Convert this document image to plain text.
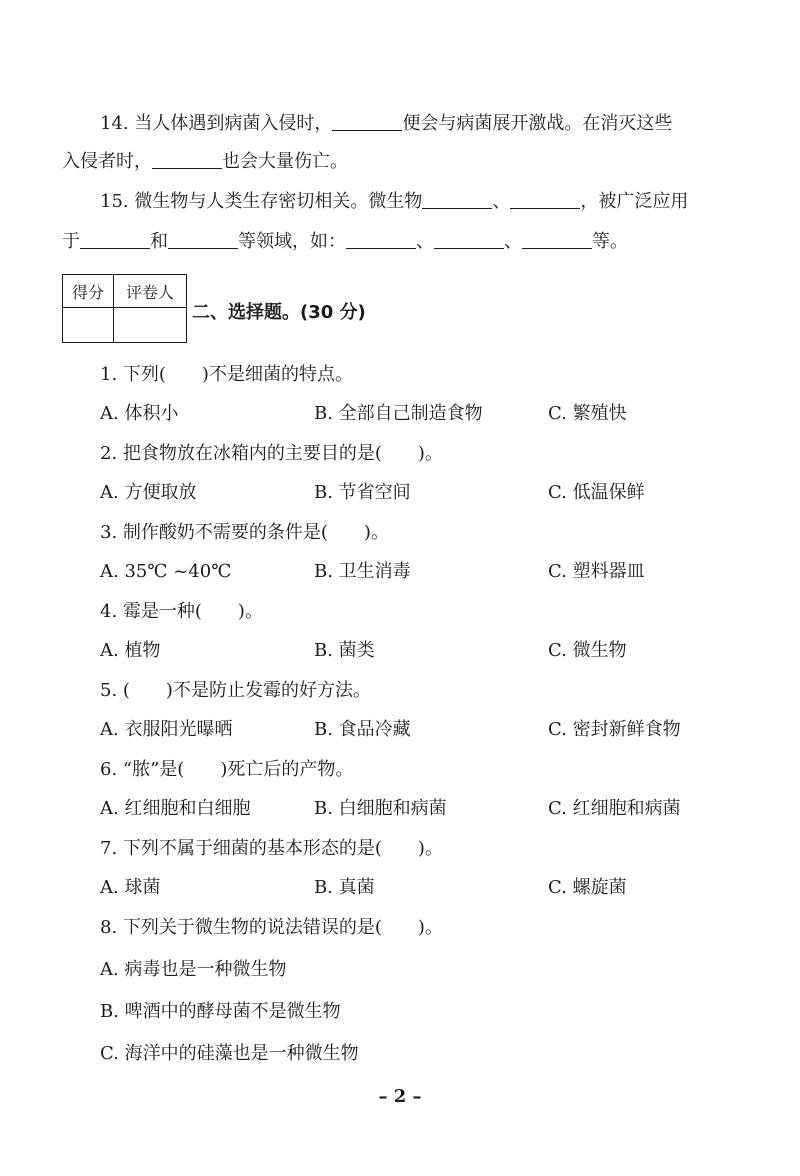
14. 当人体遇到病菌入侵时，	便会与病菌展开激战。在消灭这些
入侵者时，	也会大量伤亡。
15. 微生物与人类生存密切相关。微生物	、	，被广泛应用
于	和	等领域，如：	、	、	等。
得分	评卷人

二、选择题。(30 分)
1. 下列(　　)不是细菌的特点。
A. 体积小	B. 全部自己制造食物	C. 繁殖快
2. 把食物放在冰箱内的主要目的是(　　)。
A. 方便取放	B. 节省空间	C. 低温保鲜
3. 制作酸奶不需要的条件是(　　)。
A. 35℃ ~40℃	B. 卫生消毒	C. 塑料器皿
4. 霉是一种(　　)。
A. 植物	B. 菌类	C. 微生物
5. (　　)不是防止发霉的好方法。
A. 衣服阳光曝晒	B. 食品冷藏	C. 密封新鲜食物
6. “脓”是(　　)死亡后的产物。
A. 红细胞和白细胞	B. 白细胞和病菌	C. 红细胞和病菌
7. 下列不属于细菌的基本形态的是(　　)。
A. 球菌	B. 真菌	C. 螺旋菌
8. 下列关于微生物的说法错误的是(　　)。
A. 病毒也是一种微生物
B. 啤酒中的酵母菌不是微生物
C. 海洋中的硅藻也是一种微生物
– 2 –
